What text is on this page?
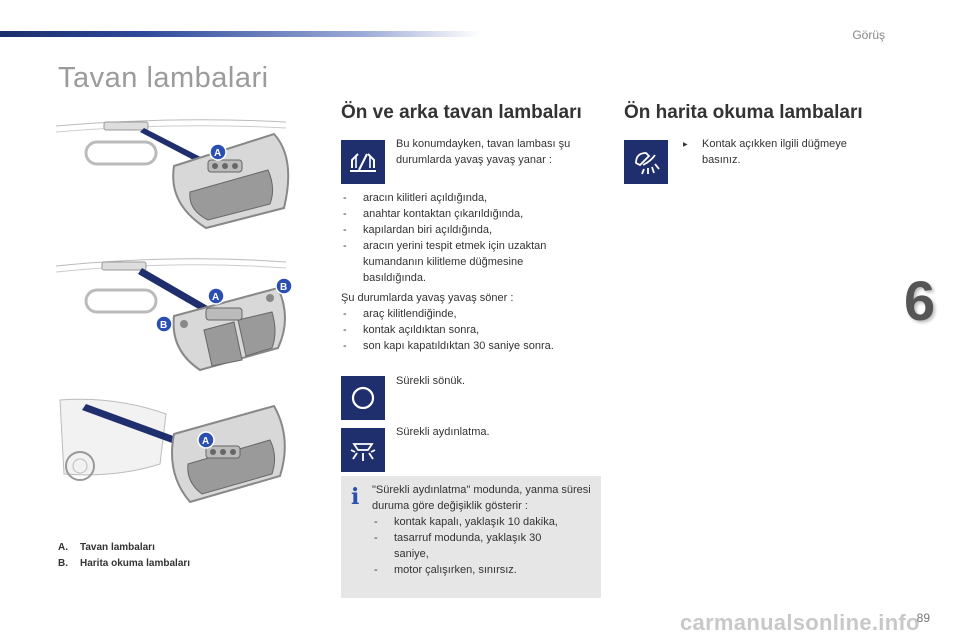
Görüş
Tavan lambalari
6
A
A
B
B
A
A. Tavan lambaları
B. Harita okuma lambaları
Ön ve arka tavan lambaları

Bu konumdayken, tavan lambası şu durumlarda yavaş yavaş yanar :

- aracın kilitleri açıldığında,
- anahtar kontaktan çıkarıldığında,
- kapılardan biri açıldığında,
- aracın yerini tespit etmek için uzaktan kumandanın kilitleme düğmesine basıldığında.

Şu durumlarda yavaş yavaş söner :

- araç kilitlendiğinde,
- kontak açıldıktan sonra,
- son kapı kapatıldıktan 30 saniye sonra.
Sürekli sönük.
Sürekli aydınlatma.
i "Sürekli aydınlatma" modunda, yanma süresi duruma göre değişiklik gösterir :

- kontak kapalı, yaklaşık 10 dakika,
- tasarruf modunda, yaklaşık 30 saniye,
- motor çalışırken, sınırsız.
Ön harita okuma lambaları
▶ Kontak açıkken ilgili düğmeye basınız.
carmanualsonline.info
89
